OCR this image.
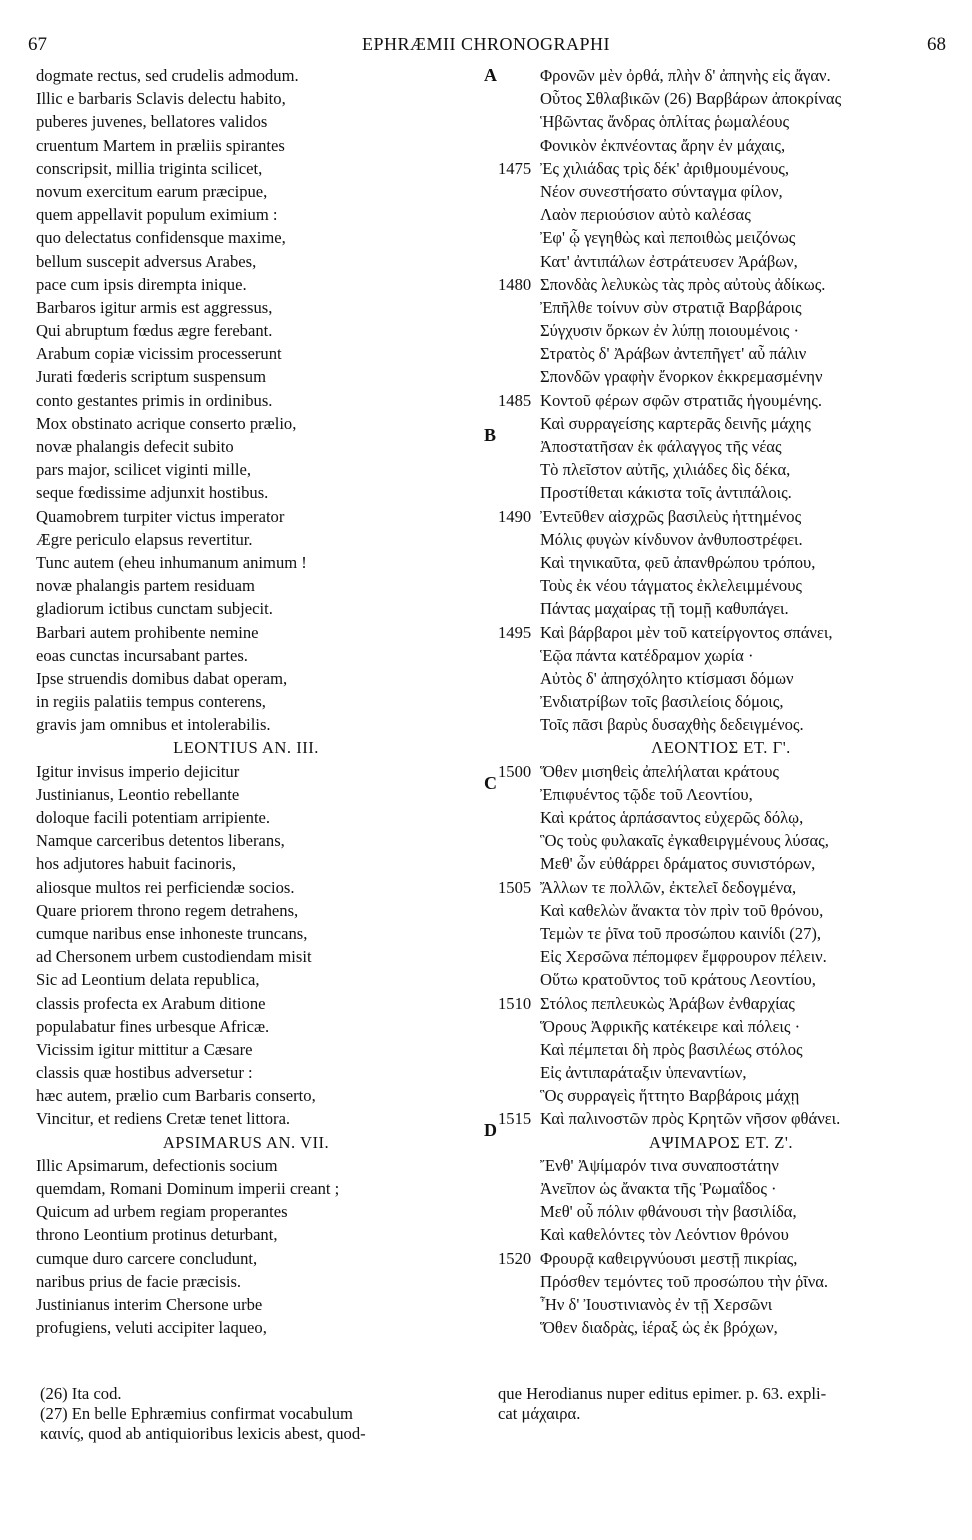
67	EPHRÆMII CHRONOGRAPHI	68
dogmate rectus, sed crudelis admodum.
Illic e barbaris Sclavis delectu habito,
puberes juvenes, bellatores validos
cruentum Martem in præliis spirantes
conscripsit, millia triginta scilicet,
novum exercitum earum præcipue,
quem appellavit populum eximium :
quo delectatus confidensque maxime,
bellum suscepit adversus Arabes,
pace cum ipsis dirempta inique.
Barbaros igitur armis est aggressus,
Qui abruptum fœdus ægre ferebant.
Arabum copiæ vicissim processerunt
Jurati fœderis scriptum suspensum
conto gestantes primis in ordinibus.
Mox obstinato acrique conserto prælio,
novæ phalangis defecit subito
pars major, scilicet viginti mille,
seque fœdissime adjunxit hostibus.
Quamobrem turpiter victus imperator
Ægre periculo elapsus revertitur.
Tunc autem (eheu inhumanum animum !
novæ phalangis partem residuam
gladiorum ictibus cunctam subjecit.
Barbari autem prohibente nemine
eoas cunctas incursabant partes.
Ipse struendis domibus dabat operam,
in regiis palatiis tempus conterens,
gravis jam omnibus et intolerabilis.
LEONTIUS AN. III.
Igitur invisus imperio dejicitur
Justinianus, Leontio rebellante
doloque facili potentiam arripiente.
Namque carceribus detentos liberans,
hos adjutores habuit facinoris,
aliosque multos rei perficiendæ socios.
Quare priorem throno regem detrahens,
cumque naribus ense inhoneste truncans,
ad Chersonem urbem custodiendam misit
Sic ad Leontium delata republica,
classis profecta ex Arabum ditione
populabatur fines urbesque Africæ.
Vicissim igitur mittitur a Cæsare
classis quæ hostibus adversetur :
hæc autem, prælio cum Barbaris conserto,
Vincitur, et rediens Cretæ tenet littora.
APSIMARUS AN. VII.
Illic Apsimarum, defectionis socium
quemdam, Romani Dominum imperii creant ;
Quicum ad urbem regiam properantes
throno Leontium protinus deturbant,
cumque duro carcere concludunt,
naribus prius de facie præcisis.
Justinianus interim Chersone urbe
profugiens, veluti accipiter laqueo,
A	Φρονῶν μὲν ὀρθά, πλὴν δ' ἀπηνὴς εἰς ἄγαν.
Οὗτος Σθλαβικῶν (26) Βαρβάρων ἀποκρίνας
Ἡβῶντας ἄνδρας ὁπλίτας ῥωμαλέους
Φονικὸν ἐκπνέοντας ἄρην ἐν μάχαις,
1475 Ἐς χιλιάδας τρὶς δέκ' ἀριθμουμένους,
Νέον συνεστήσατο σύνταγμα φίλον,
Λαὸν περιούσιον αὐτὸ καλέσας
Ἐφ' ᾧ γεγηθὼς καὶ πεποιθὼς μειζόνως
Κατ' ἀντιπάλων ἐστράτευσεν Ἀράβων,
1480 Σπονδὰς λελυκὼς τὰς πρὸς αὐτοὺς ἀδίκως.
Ἐπῆλθε τοίνυν σὺν στρατιᾷ Βαρβάροις
Σύγχυσιν ὅρκων ἐν λύπῃ ποιουμένοις ·
Στρατὸς δ' Ἀράβων ἀντεπῆγετ' αὖ πάλιν
Σπονδῶν γραφὴν ἔνορκον ἐκκρεμασμένην
1485 Κοντοῦ φέρων σφῶν στρατιᾶς ἡγουμένης.
B
Καὶ συρραγείσης καρτερᾶς δεινῆς μάχης
Ἀποστατῆσαν ἐκ φάλαγγος τῆς νέας
Τὸ πλεῖστον αὐτῆς, χιλιάδες δὶς δέκα,
Προστίθεται κάκιστα τοῖς ἀντιπάλοις.
1490 Ἐντεῦθεν αἰσχρῶς βασιλεὺς ἡττημένος
Μόλις φυγὼν κίνδυνον ἀνθυποστρέφει.
Καὶ τηνικαῦτα, φεῦ ἀπανθρώπου τρόπου,
Τοὺς ἐκ νέου τάγματος ἐκλελειμμένους
Πάντας μαχαίρας τῇ τομῇ καθυπάγει.
1495 Καὶ βάρβαροι μὲν τοῦ κατείργοντος σπάνει,
Ἑῷα πάντα κατέδραμον χωρία ·
Αὐτὸς δ' ἀπησχόλητο κτίσμασι δόμων
Ἐνδιατρίβων τοῖς βασιλείοις δόμοις,
Τοῖς πᾶσι βαρὺς δυσαχθὴς δεδειγμένος.
ΛΕΟΝΤΙΟΣ ΕΤ. Γ'.
C
1500 Ὅθεν μισηθεὶς ἀπελήλαται κράτους
Ἐπιφυέντος τῷδε τοῦ Λεοντίου,
Καὶ κράτος ἁρπάσαντος εὐχερῶς δόλῳ,
Ὃς τοὺς φυλακαῖς ἐγκαθειργμένους λύσας,
Μεθ' ὧν εὐθάρρει δράματος συνιστόρων,
1505 Ἄλλων τε πολλῶν, ἐκτελεῖ δεδογμένα,
Καὶ καθελὼν ἄνακτα τὸν πρὶν τοῦ θρόνου,
Τεμὼν τε ῥῖνα τοῦ προσώπου καινίδι (27),
Εἰς Χερσῶνα πέπομφεν ἔμφρουρον πέλειν.
Οὕτω κρατοῦντος τοῦ κράτους Λεοντίου,
1510 Στόλος πεπλευκὼς Ἀράβων ἐνθαρχίας
Ὅρους Ἀφρικῆς κατέκειρε καὶ πόλεις ·
Καὶ πέμπεται δὴ πρὸς βασιλέως στόλος
Εἰς ἀντιπαράταξιν ὑπεναντίων,
Ὃς συρραγεὶς ἥττητο Βαρβάροις μάχῃ
D
1515 Καὶ παλινοστῶν πρὸς Κρητῶν νῆσον φθάνει.
ΑΨΙΜΑΡΟΣ ΕΤ. Ζ'.
Ἔνθ' Ἀψίμαρόν τινα συναποστάτην
Ἀνεῖπον ὡς ἄνακτα τῆς Ῥωμαΐδος ·
Μεθ' οὗ πόλιν φθάνουσι τὴν βασιλίδα,
Καὶ καθελόντες τὸν Λεόντιον θρόνου
1520 Φρουρᾷ καθειργνύουσι μεστῇ πικρίας,
Πρόσθεν τεμόντες τοῦ προσώπου τὴν ῥῖνα.
Ἦν δ' Ἰουστινιανὸς ἐν τῇ Χερσῶνι
Ὅθεν διαδρὰς, ἱέραξ ὡς ἐκ βρόχων,
(26) Ita cod.
(27) En belle Ephræmius confirmat vocabulum
καινίς, quod ab antiquioribus lexicis abest, quod-
que Herodianus nuper editus epimer. p. 63. expli-
cat μάχαιρα.
